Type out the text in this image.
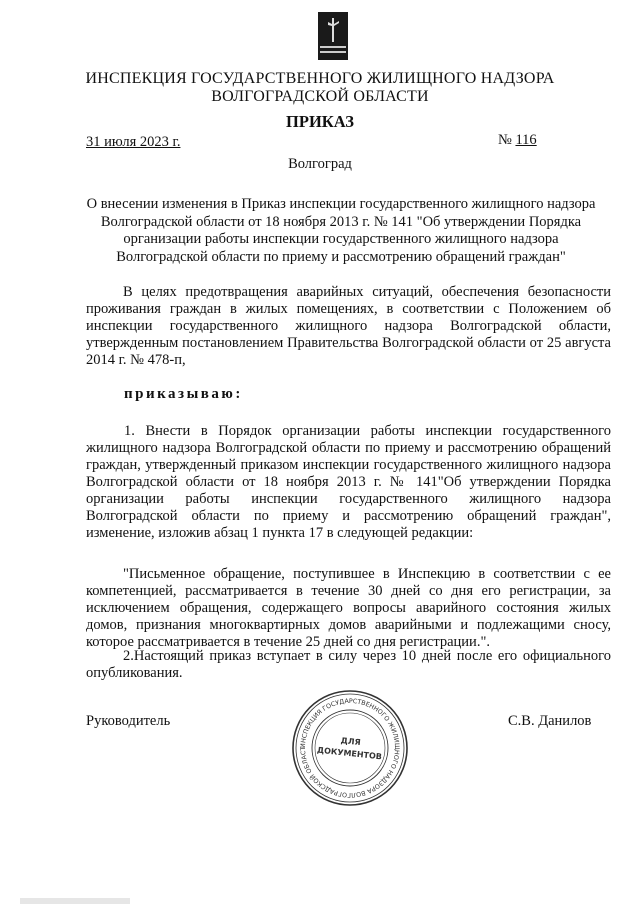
ИНСПЕКЦИЯ ГОСУДАРСТВЕННОГО ЖИЛИЩНОГО НАДЗОРА
ВОЛГОГРАДСКОЙ ОБЛАСТИ
ПРИКАЗ
31 июля 2023 г.	№ 116
Волгоград
О внесении изменения в Приказ инспекции государственного жилищного надзора Волгоградской области от 18 ноября 2013 г. № 141 "Об утверждении Порядка организации работы инспекции государственного жилищного надзора Волгоградской области по приему и рассмотрению обращений граждан"
В целях предотвращения аварийных ситуаций, обеспечения безопасности проживания граждан в жилых помещениях, в соответствии с Положением об инспекции государственного жилищного надзора Волгоградской области, утвержденным постановлением Правительства Волгоградской области от 25 августа 2014 г. № 478-п,
приказываю:
1. Внести в Порядок организации работы инспекции государственного жилищного надзора Волгоградской области по приему и рассмотрению обращений граждан, утвержденный приказом инспекции государственного жилищного надзора Волгоградской области от 18 ноября 2013 г. № 141"Об утверждении Порядка организации работы инспекции государственного жилищного надзора Волгоградской области по приему и рассмотрению обращений граждан", изменение, изложив абзац 1 пункта 17 в следующей редакции:
"Письменное обращение, поступившее в Инспекцию в соответствии с ее компетенцией, рассматривается в течение 30 дней со дня его регистрации, за исключением обращения, содержащего вопросы аварийного состояния жилых домов, признания многоквартирных домов аварийными и подлежащими сносу, которое рассматривается в течение 25 дней со дня регистрации.".
2.Настоящий приказ вступает в силу через 10 дней после его официального опубликования.
Руководитель	С.В. Данилов
ИНСПЕКЦИЯ ГОСУДАРСТВЕННОГО ЖИЛИЩНОГО НАДЗОРА ВОЛГОГРАДСКОЙ ОБЛАСТ
ДЛЯ
ДОКУМЕНТОВ
